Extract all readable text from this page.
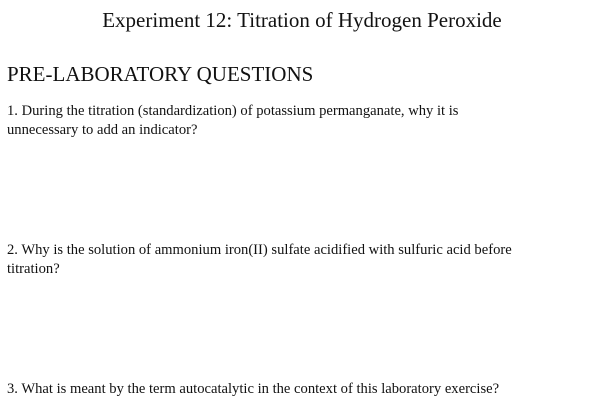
Experiment 12: Titration of Hydrogen Peroxide
PRE-LABORATORY QUESTIONS
1. During the titration (standardization) of potassium permanganate, why it is
unnecessary to add an indicator?
2. Why is the solution of ammonium iron(II) sulfate acidified with sulfuric acid before
titration?
3. What is meant by the term autocatalytic in the context of this laboratory exercise?
